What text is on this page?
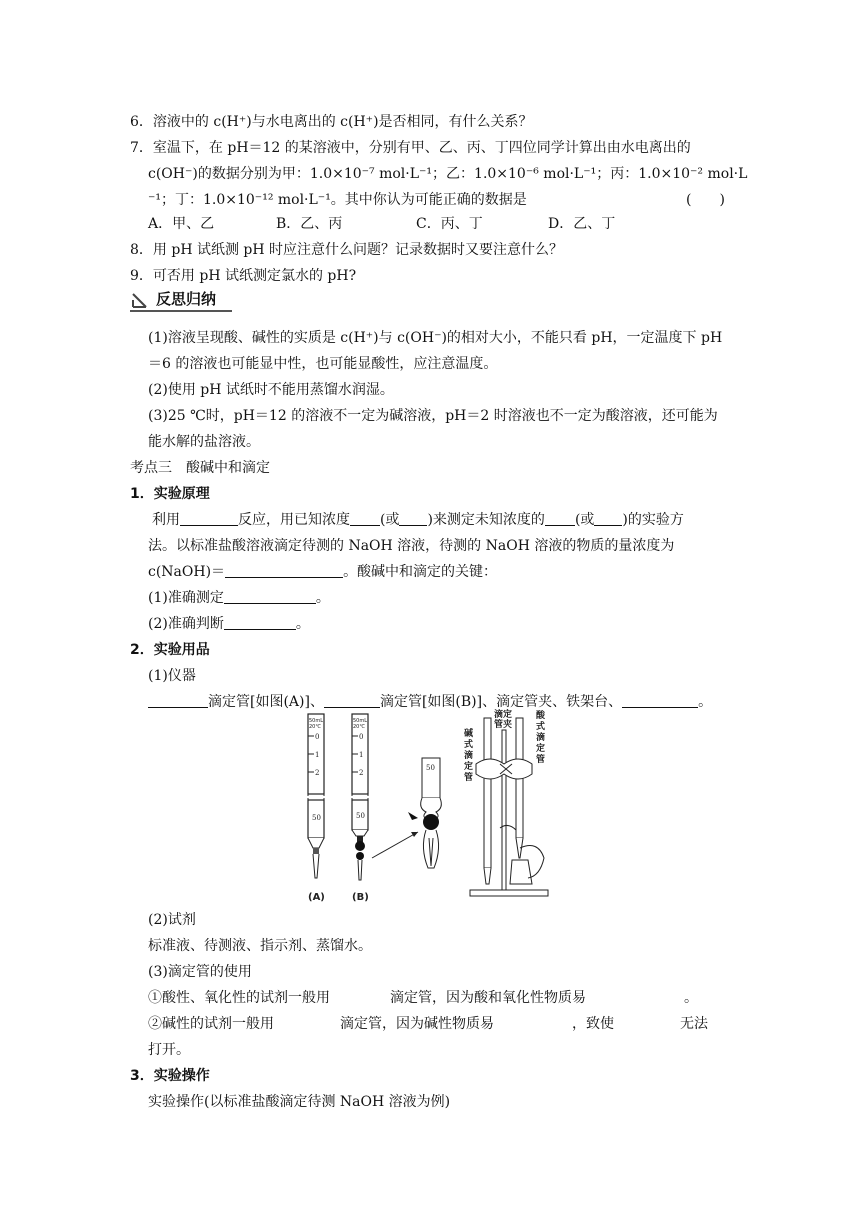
6．溶液中的 c(H⁺)与水电离出的 c(H⁺)是否相同，有什么关系？
7．室温下，在 pH＝12 的某溶液中，分别有甲、乙、丙、丁四位同学计算出由水电离出的
c(OH⁻)的数据分别为甲：1.0×10⁻⁷ mol·L⁻¹；乙：1.0×10⁻⁶ mol·L⁻¹；丙：1.0×10⁻² mol·L
⁻¹；丁：1.0×10⁻¹² mol·L⁻¹。其中你认为可能正确的数据是	(　　)
A．甲、乙	B．乙、丙	C．丙、丁	D．乙、丁
8．用 pH 试纸测 pH 时应注意什么问题？记录数据时又要注意什么？
9．可否用 pH 试纸测定氯水的 pH?
反思归纳
(1)溶液呈现酸、碱性的实质是 c(H⁺)与 c(OH⁻)的相对大小，不能只看 pH，一定温度下 pH
＝6 的溶液也可能显中性，也可能显酸性，应注意温度。
(2)使用 pH 试纸时不能用蒸馏水润湿。
(3)25 ℃时，pH＝12 的溶液不一定为碱溶液，pH＝2 时溶液也不一定为酸溶液，还可能为
能水解的盐溶液。
考点三　酸碱中和滴定
1．实验原理
利用	反应，用已知浓度 (或 )来测定未知浓度的 (或 )的实验方
法。以标准盐酸溶液滴定待测的 NaOH 溶液，待测的 NaOH 溶液的物质的量浓度为
c(NaOH)＝	。酸碱中和滴定的关键：
(1)准确测定	。
(2)准确判断	。
2．实验用品
(1)仪器
滴定管[如图(A)]、	滴定管[如图(B)]、滴定管夹、铁架台、	。
50mL
20℃
0
1
2
50
(A)
50mL
20℃
0
1
2
50
(B)
50
滴定
管夹
碱
式
滴
定
管
酸
式
滴
定
管
(2)试剂
标准液、待测液、指示剂、蒸馏水。
(3)滴定管的使用
①酸性、氧化性的试剂一般用	滴定管，因为酸和氧化性物质易	。
②碱性的试剂一般用	滴定管，因为碱性物质易	，致使	无法
打开。
3．实验操作
实验操作(以标准盐酸滴定待测 NaOH 溶液为例)
